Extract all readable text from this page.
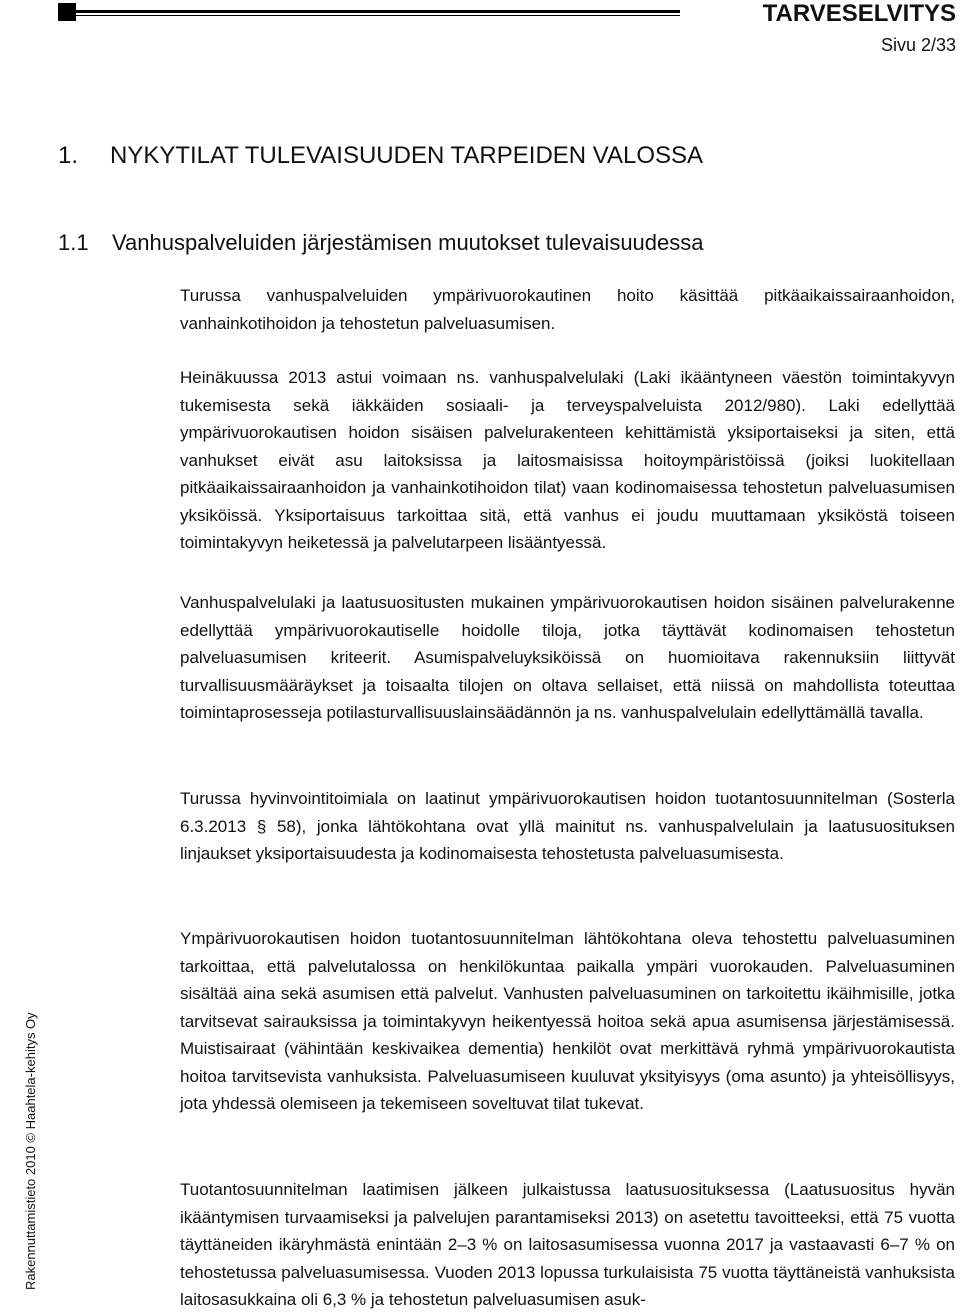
TARVESELVITYS
Sivu 2/33
1. NYKYTILAT TULEVAISUUDEN TARPEIDEN VALOSSA
1.1 Vanhuspalveluiden järjestämisen muutokset tulevaisuudessa

Turussa vanhuspalveluiden ympärivuorokautinen hoito käsittää pitkäaikaissairaanhoidon, vanhainkotihoidon ja tehostetun palveluasumisen.

Heinäkuussa 2013 astui voimaan ns. vanhuspalvelulaki (Laki ikääntyneen väestön toimintakyvyn tukemisesta sekä iäkkäiden sosiaali- ja terveyspalveluista 2012/980). Laki edellyttää ympärivuorokautisen hoidon sisäisen palvelurakenteen kehittämistä yksiportaiseksi ja siten, että vanhukset eivät asu laitoksissa ja laitosmaisissa hoitoympäristöissä (joiksi luokitellaan pitkäaikaissairaanhoidon ja vanhainkotihoidon tilat) vaan kodinomaisessa tehostetun palveluasumisen yksiköissä. Yksiportaisuus tarkoittaa sitä, että vanhus ei joudu muuttamaan yksiköstä toiseen toimintakyvyn heiketessä ja palvelutarpeen lisääntyessä.

Vanhuspalvelulaki ja laatusuositusten mukainen ympärivuorokautisen hoidon sisäinen palvelurakenne edellyttää ympärivuorokautiselle hoidolle tiloja, jotka täyttävät kodinomaisen tehostetun palveluasumisen kriteerit. Asumispalveluyksiköissä on huomioitava rakennuksiin liittyvät turvallisuusmääräykset ja toisaalta tilojen on oltava sellaiset, että niissä on mahdollista toteuttaa toimintaprosesseja potilasturvallisuuslainsäädännön ja ns. vanhuspalvelulain edellyttämällä tavalla.

Turussa hyvinvointitoimiala on laatinut ympärivuorokautisen hoidon tuotantosuunnitelman (Sosterla 6.3.2013 § 58), jonka lähtökohtana ovat yllä mainitut ns. vanhuspalvelulain ja laatusuosituksen linjaukset yksiportaisuudesta ja kodinomaisesta tehostetusta palveluasumisesta.

Ympärivuorokautisen hoidon tuotantosuunnitelman lähtökohtana oleva tehostettu palveluasuminen tarkoittaa, että palvelutalossa on henkilökuntaa paikalla ympäri vuorokauden. Palveluasuminen sisältää aina sekä asumisen että palvelut. Vanhusten palveluasuminen on tarkoitettu ikäihmisille, jotka tarvitsevat sairauksissa ja toimintakyvyn heikentyessä hoitoa sekä apua asumisensa järjestämisessä. Muistisairaat (vähintään keskivaikea dementia) henkilöt ovat merkittävä ryhmä ympärivuorokautista hoitoa tarvitsevista vanhuksista. Palveluasumiseen kuuluvat yksityisyys (oma asunto) ja yhteisöllisyys, jota yhdessä olemiseen ja tekemiseen soveltuvat tilat tukevat.

Tuotantosuunnitelman laatimisen jälkeen julkaistussa laatusuosituksessa (Laatusuositus hyvän ikääntymisen turvaamiseksi ja palvelujen parantamiseksi 2013) on asetettu tavoitteeksi, että 75 vuotta täyttäneiden ikäryhmästä enintään 2–3 % on laitosasumisessa vuonna 2017 ja vastaavasti 6–7 % on tehostetussa palveluasumisessa. Vuoden 2013 lopussa turkulaisista 75 vuotta täyttäneistä vanhuksista laitosasukkaina oli 6,3 % ja tehostetun palveluasumisen asuk-

Rakennuttamistieto 2010 © Haahtela-kehitys Oy
